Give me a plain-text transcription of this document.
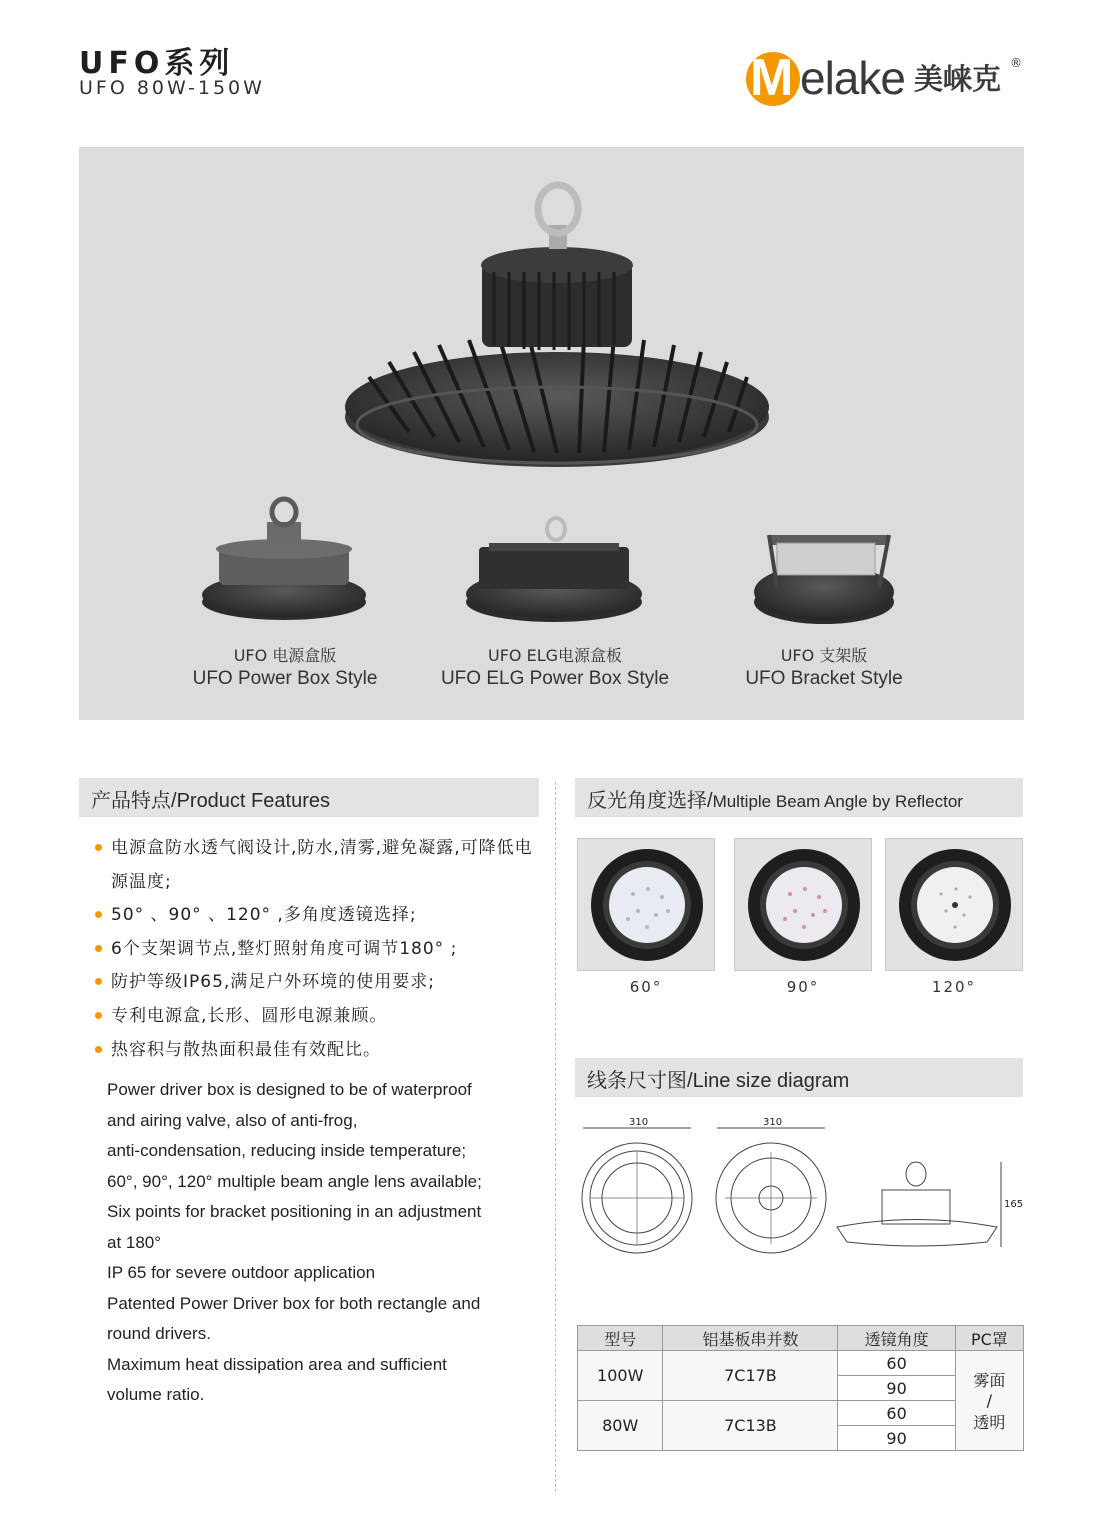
UFO系列
UFO 80W-150W	M elake 美崃克 ®
UFO 电源盒版
UFO Power Box Style
UFO ELG电源盒板
UFO ELG Power Box Style
UFO 支架版
UFO Bracket Style
产品特点/Product Features
电源盒防水透气阀设计,防水,清雾,避免凝露,可降低电源温度;
50° 、90° 、120° ,多角度透镜选择;
6个支架调节点,整灯照射角度可调节180° ;
防护等级IP65,满足户外环境的使用要求;
专利电源盒,长形、圆形电源兼顾。
热容积与散热面积最佳有效配比。

Power driver box is designed to be of waterproof

and airing valve, also of anti-frog,

anti-condensation, reducing inside temperature;

60°, 90°, 120° multiple beam angle lens available;

Six points for bracket positioning in an adjustment

at 180°

IP 65 for severe outdoor application

Patented Power Driver box for both rectangle and

round drivers.

Maximum heat dissipation area and sufficient

volume ratio.

反光角度选择/Multiple Beam Angle by Reflector
60°	90°	120°
线条尺寸图/Line size diagram
310	310
165
型号	铝基板串并数	透镜角度	PC罩
100W	7C17B	60	雾面
/
透明

		90	
80W	7C13B	60	
		90	
